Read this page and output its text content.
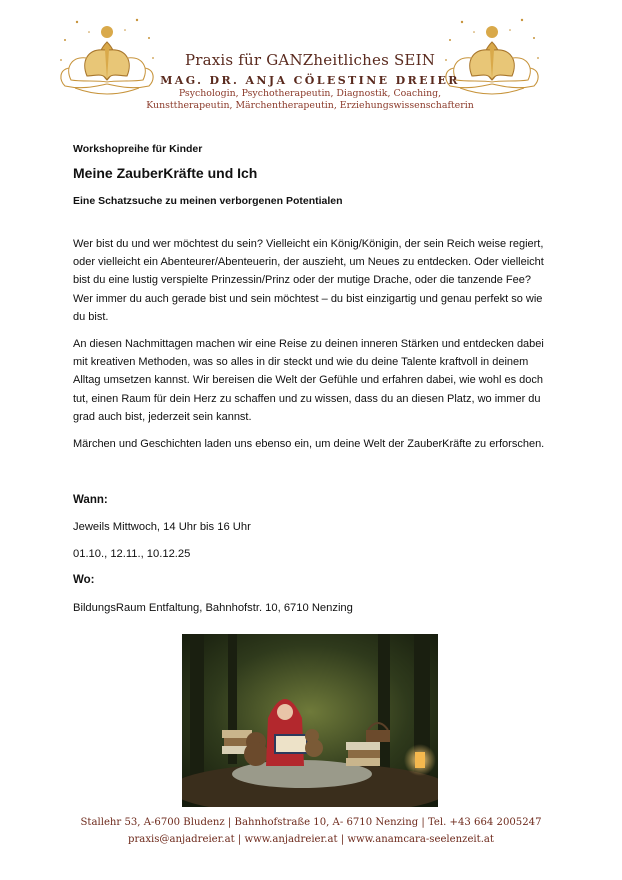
Praxis für GANZheitliches SEIN
MAG. DR. ANJA CÖLESTINE DREIER
Psychologin, Psychotherapeutin, Diagnostik, Coaching,
Kunsttherapeutin, Märchentherapeutin, Erziehungswissenschafterin

Workshopreihe für Kinder

Meine ZauberKräfte und Ich

Eine Schatzsuche zu meinen verborgenen Potentialen

Wer bist du und wer möchtest du sein? Vielleicht ein König/Königin, der sein Reich weise regiert, oder vielleicht ein Abenteurer/Abenteuerin, der auszieht, um Neues zu entdecken. Oder vielleicht bist du eine lustig verspielte Prinzessin/Prinz oder der mutige Drache, oder die tanzende Fee? Wer immer du auch gerade bist und sein möchtest – du bist einzigartig und genau perfekt so wie du bist.

An diesen Nachmittagen machen wir eine Reise zu deinen inneren Stärken und entdecken dabei mit kreativen Methoden, was so alles in dir steckt und wie du deine Talente kraftvoll in deinem Alltag umsetzen kannst. Wir bereisen die Welt der Gefühle und erfahren dabei, wie wohl es doch tut, einen Raum für dein Herz zu schaffen und zu wissen, dass du an diesen Platz, wo immer du grad auch bist, jederzeit sein kannst.

Märchen und Geschichten laden uns ebenso ein, um deine Welt der ZauberKräfte zu erforschen.

Wann:

Jeweils Mittwoch, 14 Uhr bis 16 Uhr

01.10., 12.11., 10.12.25

Wo:

BildungsRaum Entfaltung, Bahnhofstr. 10, 6710 Nenzing

Stallehr 53, A-6700 Bludenz | Bahnhofstraße 10, A- 6710 Nenzing | Tel. +43 664 2005247
praxis@anjadreier.at | www.anjadreier.at | www.anamcara-seelenzeit.at
